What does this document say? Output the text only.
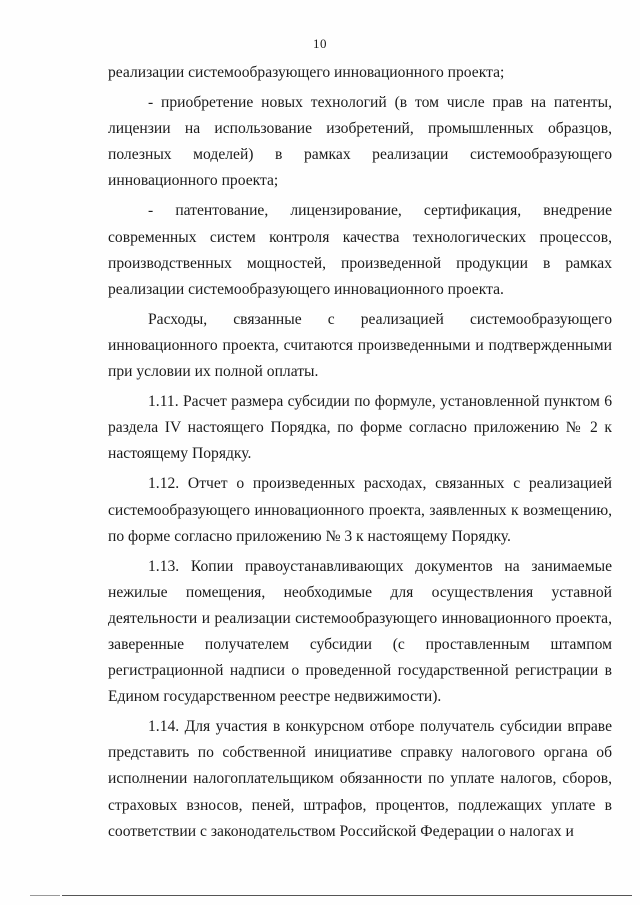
10

реализации системообразующего инновационного проекта;

- приобретение новых технологий (в том числе прав на патенты, лицензии на использование изобретений, промышленных образцов, полезных моделей) в рамках реализации системообразующего инновационного проекта;

- патентование, лицензирование, сертификация, внедрение современных систем контроля качества технологических процессов, производственных мощностей, произведенной продукции в рамках реализации системообразующего инновационного проекта.

Расходы, связанные с реализацией системообразующего инновационного проекта, считаются произведенными и подтвержденными при условии их полной оплаты.

1.11. Расчет размера субсидии по формуле, установленной пунктом 6 раздела IV настоящего Порядка, по форме согласно приложению № 2 к настоящему Порядку.

1.12. Отчет о произведенных расходах, связанных с реализацией системообразующего инновационного проекта, заявленных к возмещению, по форме согласно приложению № 3 к настоящему Порядку.

1.13. Копии правоустанавливающих документов на занимаемые нежилые помещения, необходимые для осуществления уставной деятельности и реализации системообразующего инновационного проекта, заверенные получателем субсидии (с проставленным штампом регистрационной надписи о проведенной государственной регистрации в Едином государственном реестре недвижимости).

1.14. Для участия в конкурсном отборе получатель субсидии вправе представить по собственной инициативе справку налогового органа об исполнении налогоплательщиком обязанности по уплате налогов, сборов, страховых взносов, пеней, штрафов, процентов, подлежащих уплате в соответствии с законодательством Российской Федерации о налогах и
